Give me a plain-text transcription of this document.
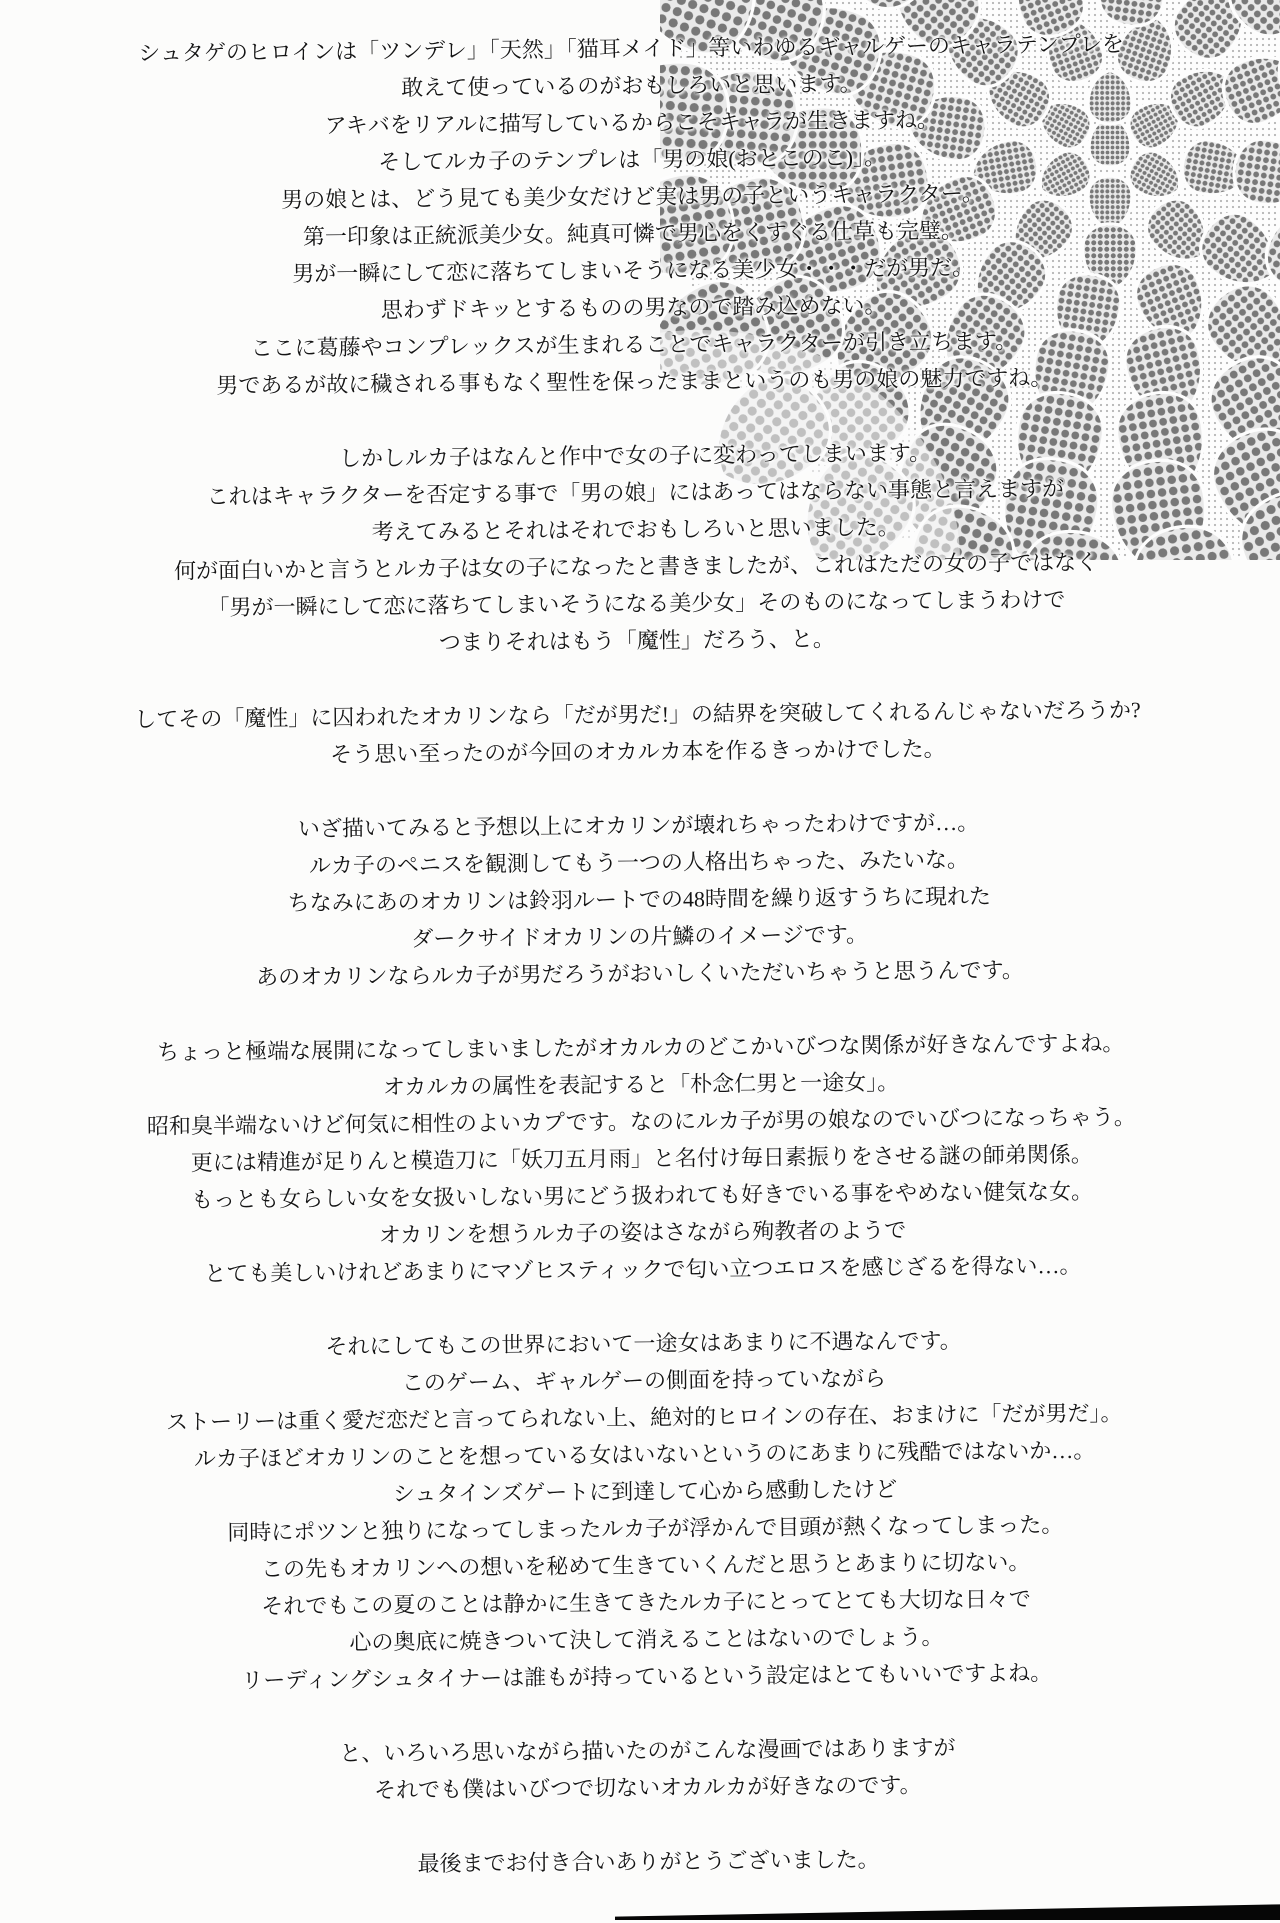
シュタゲのヒロインは「ツンデレ」「天然」「猫耳メイド」等いわゆるギャルゲーのキャラテンプレを
敢えて使っているのがおもしろいと思います。
アキバをリアルに描写しているからこそキャラが生きますね。
そしてルカ子のテンプレは「男の娘(おとこのこ)」。
男の娘とは、どう見ても美少女だけど実は男の子というキャラクター。
第一印象は正統派美少女。純真可憐で男心をくすぐる仕草も完璧。
男が一瞬にして恋に落ちてしまいそうになる美少女・・・だが男だ。
思わずドキッとするものの男なので踏み込めない。
ここに葛藤やコンプレックスが生まれることでキャラクターが引き立ちます。
男であるが故に穢される事もなく聖性を保ったままというのも男の娘の魅力ですね。
しかしルカ子はなんと作中で女の子に変わってしまいます。
これはキャラクターを否定する事で「男の娘」にはあってはならない事態と言えますが
考えてみるとそれはそれでおもしろいと思いました。
何が面白いかと言うとルカ子は女の子になったと書きましたが、これはただの女の子ではなく
「男が一瞬にして恋に落ちてしまいそうになる美少女」そのものになってしまうわけで
つまりそれはもう「魔性」だろう、と。
してその「魔性」に囚われたオカリンなら「だが男だ!」の結界を突破してくれるんじゃないだろうか?
そう思い至ったのが今回のオカルカ本を作るきっかけでした。
いざ描いてみると予想以上にオカリンが壊れちゃったわけですが…。
ルカ子のペニスを観測してもう一つの人格出ちゃった、みたいな。
ちなみにあのオカリンは鈴羽ルートでの48時間を繰り返すうちに現れた
ダークサイドオカリンの片鱗のイメージです。
あのオカリンならルカ子が男だろうがおいしくいただいちゃうと思うんです。
ちょっと極端な展開になってしまいましたがオカルカのどこかいびつな関係が好きなんですよね。
オカルカの属性を表記すると「朴念仁男と一途女」。
昭和臭半端ないけど何気に相性のよいカプです。なのにルカ子が男の娘なのでいびつになっちゃう。
更には精進が足りんと模造刀に「妖刀五月雨」と名付け毎日素振りをさせる謎の師弟関係。
もっとも女らしい女を女扱いしない男にどう扱われても好きでいる事をやめない健気な女。
オカリンを想うルカ子の姿はさながら殉教者のようで
とても美しいけれどあまりにマゾヒスティックで匂い立つエロスを感じざるを得ない…。
それにしてもこの世界において一途女はあまりに不遇なんです。
このゲーム、ギャルゲーの側面を持っていながら
ストーリーは重く愛だ恋だと言ってられない上、絶対的ヒロインの存在、おまけに「だが男だ」。
ルカ子ほどオカリンのことを想っている女はいないというのにあまりに残酷ではないか…。
シュタインズゲートに到達して心から感動したけど
同時にポツンと独りになってしまったルカ子が浮かんで目頭が熱くなってしまった。
この先もオカリンへの想いを秘めて生きていくんだと思うとあまりに切ない。
それでもこの夏のことは静かに生きてきたルカ子にとってとても大切な日々で
心の奥底に焼きついて決して消えることはないのでしょう。
リーディングシュタイナーは誰もが持っているという設定はとてもいいですよね。
と、いろいろ思いながら描いたのがこんな漫画ではありますが
それでも僕はいびつで切ないオカルカが好きなのです。
最後までお付き合いありがとうございました。
